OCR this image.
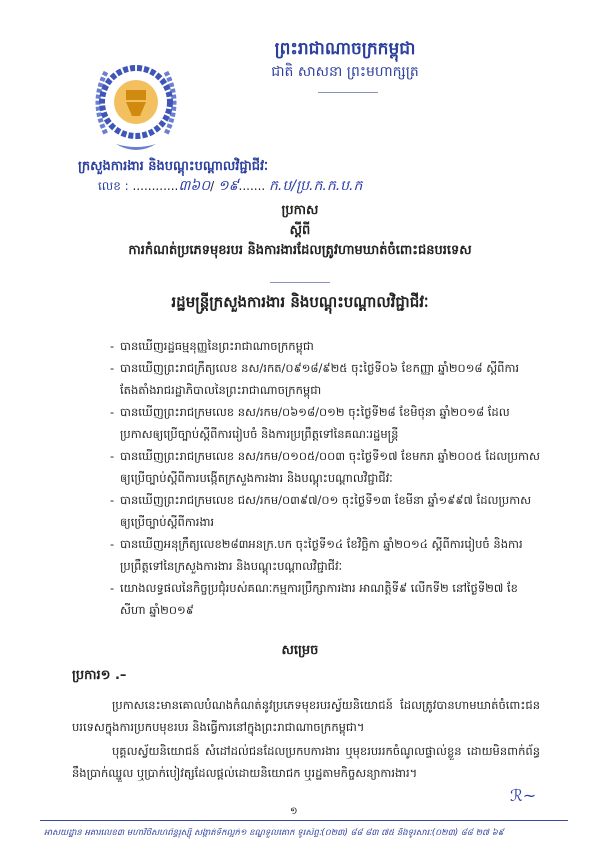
ព្រះរាជាណាចក្រកម្ពុជា
ជាតិ សាសនា ព្រះមហាក្សត្រ
ក្រសួងការងារ និងបណ្តុះបណ្តាលវិជ្ជាជីវៈ
លេខ : ............៣៦០/ ១៩....... ក.ប/ប្រ.ក.ក.ប.ក
ប្រកាស
ស្តីពី
ការកំណត់ប្រភេទមុខរបរ និងការងារដែលត្រូវហាមឃាត់ចំពោះជនបរទេស
រដ្ឋមន្ត្រីក្រសួងការងារ និងបណ្តុះបណ្តាលវិជ្ជាជីវៈ
- បានឃើញរដ្ឋធម្មនុញ្ញនៃព្រះរាជាណាចក្រកម្ពុជា
- បានឃើញព្រះរាជក្រឹត្យលេខ នស/រកត/០៩១៨/៩២៥ ចុះថ្ងៃទី០៦ ខែកញ្ញា ឆ្នាំ២០១៨ ស្តីពីការតែងតាំងរាជរដ្ឋាភិបាលនៃព្រះរាជាណាចក្រកម្ពុជា
- បានឃើញព្រះរាជក្រមលេខ នស/រកម/០៦១៨/០១២ ចុះថ្ងៃទី២៨ ខែមិថុនា ឆ្នាំ២០១៨ ដែលប្រកាសឲ្យប្រើច្បាប់ស្តីពីការរៀបចំ និងការប្រព្រឹត្តទៅនៃគណៈរដ្ឋមន្ត្រី
- បានឃើញព្រះរាជក្រមលេខ នស/រកម/០១០៥/០០៣ ចុះថ្ងៃទី១៧ ខែមករា ឆ្នាំ២០០៥ ដែលប្រកាសឲ្យប្រើច្បាប់ស្តីពីការបង្កើតក្រសួងការងារ និងបណ្តុះបណ្តាលវិជ្ជាជីវៈ
- បានឃើញព្រះរាជក្រមលេខ ជស/រកម/០៣៩៧/០១ ចុះថ្ងៃទី១៣ ខែមីនា ឆ្នាំ១៩៩៧ ដែលប្រកាសឲ្យប្រើច្បាប់ស្តីពីការងារ
- បានឃើញអនុក្រឹត្យលេខ២៨៣អនក្រ.បក ចុះថ្ងៃទី១៤ ខែវិច្ឆិកា ឆ្នាំ២០១៤ ស្តីពីការរៀបចំ និងការប្រព្រឹត្តទៅនៃក្រសួងការងារ និងបណ្តុះបណ្តាលវិជ្ជាជីវៈ
- យោងលទ្ធផលនៃកិច្ចប្រជុំរបស់គណៈកម្មការប្រឹក្សាការងារ អាណត្តិទី៩ លើកទី២ នៅថ្ងៃទី២៧ ខែសីហា ឆ្នាំ២០១៩
សម្រេច
ប្រការ១ .–

ប្រកាសនេះមានគោលបំណងកំណត់នូវប្រភេទមុខរបរស្វ័យនិយោជន៍ ដែលត្រូវបានហាមឃាត់ចំពោះជនបរទេសក្នុងការប្រកបមុខរបរ និងធ្វើការនៅក្នុងព្រះរាជាណាចក្រកម្ពុជា។

បុគ្គលស្វ័យនិយោជន៍ សំដៅដល់ជនដែលប្រកបការងារ ឬមុខរបររកចំណូលផ្ទាល់ខ្លួន ដោយមិនពាក់ព័ន្ធនឹងប្រាក់ឈ្នួល ឬប្រាក់បៀវត្សដែលផ្តល់ដោយនិយោជក ឬរដ្ឋតាមកិច្ចសន្យាការងារ។

ℛ~
១
អាសយដ្ឋាន អគារលេខ៣ មហាវិថីសហព័ន្ធរុស្ស៊ី សង្កាត់ទឹកល្អក់១ ខណ្ឌទួលគោក ទូរស័ព្ទៈ(០២៣) ៨៨ ៨៣ ៧៥ និងទូរសារៈ(០២៣) ៨៨ ២៧ ៦៩
